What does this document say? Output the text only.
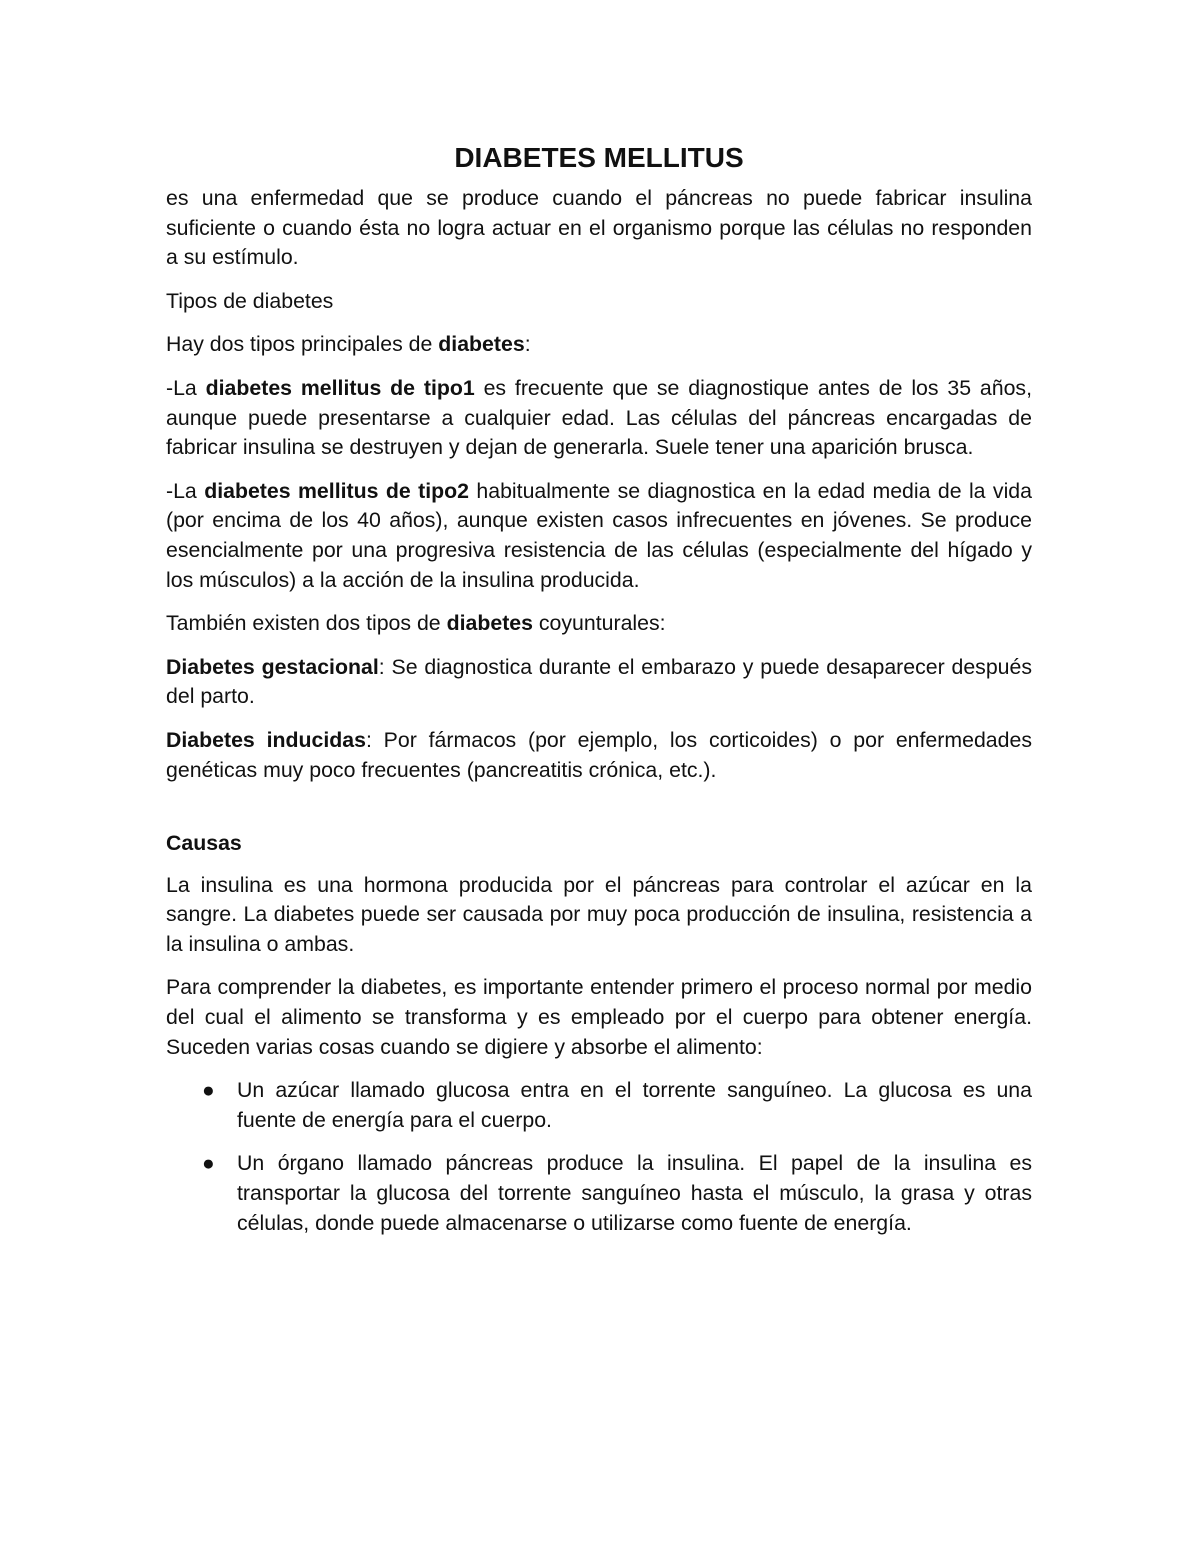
DIABETES MELLITUS

es una enfermedad que se produce cuando el páncreas no puede fabricar insulina suficiente o cuando ésta no logra actuar en el organismo porque las células no responden a su estímulo.

Tipos de diabetes

Hay dos tipos principales de diabetes:

-La diabetes mellitus de tipo1 es frecuente que se diagnostique antes de los 35 años, aunque puede presentarse a cualquier edad. Las células del páncreas encargadas de fabricar insulina se destruyen y dejan de generarla. Suele tener una aparición brusca.

-La diabetes mellitus de tipo2 habitualmente se diagnostica en la edad media de la vida (por encima de los 40 años), aunque existen casos infrecuentes en jóvenes. Se produce esencialmente por una progresiva resistencia de las células (especialmente del hígado y los músculos) a la acción de la insulina producida.

También existen dos tipos de diabetes coyunturales:

Diabetes gestacional: Se diagnostica durante el embarazo y puede desaparecer después del parto.

Diabetes inducidas: Por fármacos (por ejemplo, los corticoides) o por enfermedades genéticas muy poco frecuentes (pancreatitis crónica, etc.).

Causas

La insulina es una hormona producida por el páncreas para controlar el azúcar en la sangre. La diabetes puede ser causada por muy poca producción de insulina, resistencia a la insulina o ambas.

Para comprender la diabetes, es importante entender primero el proceso normal por medio del cual el alimento se transforma y es empleado por el cuerpo para obtener energía. Suceden varias cosas cuando se digiere y absorbe el alimento:

● Un azúcar llamado glucosa entra en el torrente sanguíneo. La glucosa es una fuente de energía para el cuerpo.
● Un órgano llamado páncreas produce la insulina. El papel de la insulina es transportar la glucosa del torrente sanguíneo hasta el músculo, la grasa y otras células, donde puede almacenarse o utilizarse como fuente de energía.
